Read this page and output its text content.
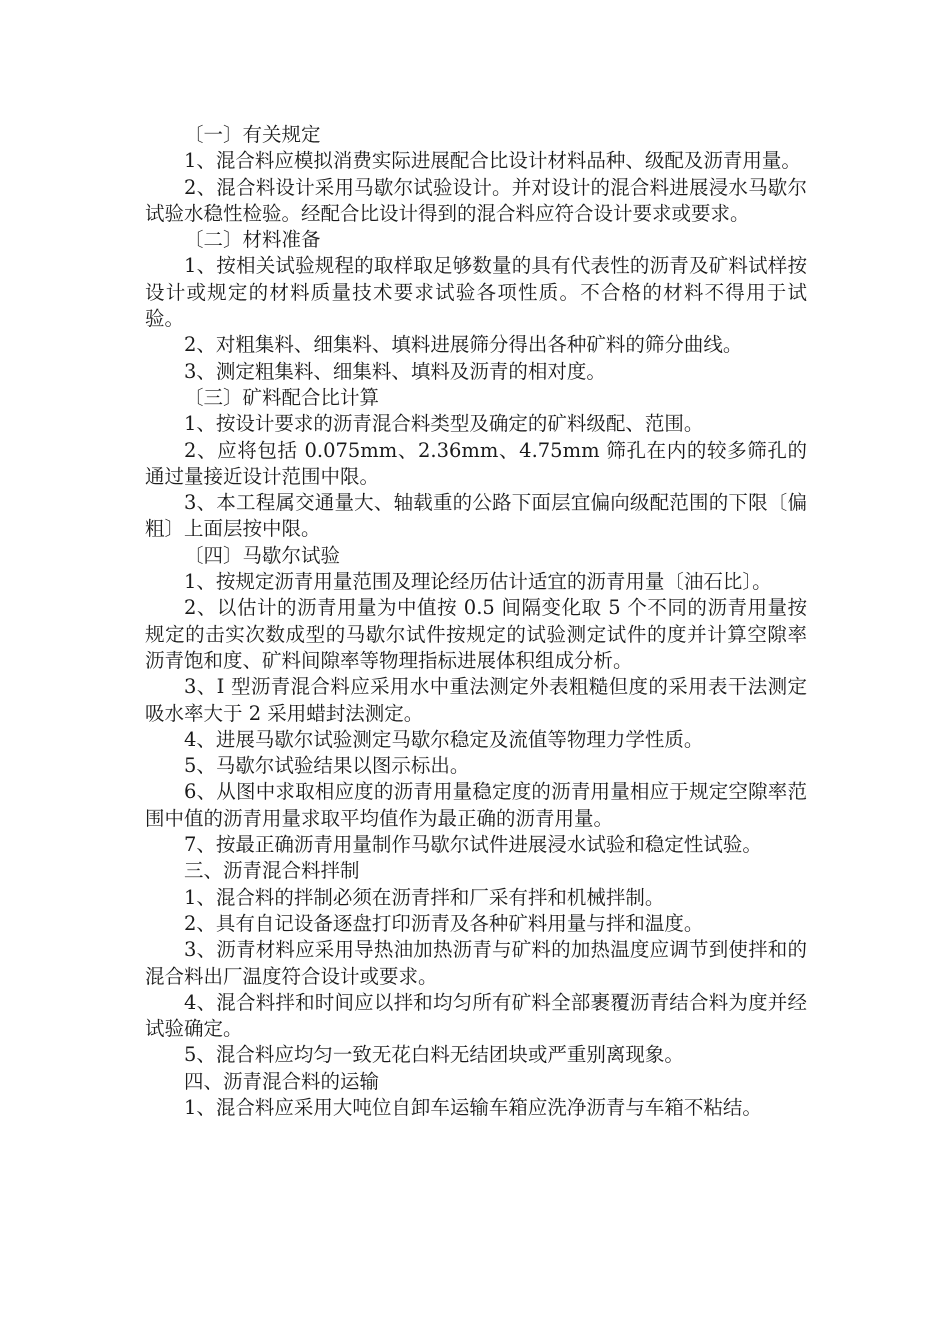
〔一〕有关规定

1、混合料应模拟消费实际进展配合比设计材料品种、级配及沥青用量。

2、混合料设计采用马歇尔试验设计。并对设计的混合料进展浸水马歇尔试验水稳性检验。经配合比设计得到的混合料应符合设计要求或要求。

〔二〕材料准备

1、按相关试验规程的取样取足够数量的具有代表性的沥青及矿料试样按设计或规定的材料质量技术要求试验各项性质。不合格的材料不得用于试验。

2、对粗集料、细集料、填料进展筛分得出各种矿料的筛分曲线。

3、测定粗集料、细集料、填料及沥青的相对度。

〔三〕矿料配合比计算

1、按设计要求的沥青混合料类型及确定的矿料级配、范围。

2、应将包括 0.075mm、2.36mm、4.75mm 筛孔在内的较多筛孔的通过量接近设计范围中限。

3、本工程属交通量大、轴载重的公路下面层宜偏向级配范围的下限〔偏粗〕上面层按中限。

〔四〕马歇尔试验

1、按规定沥青用量范围及理论经历估计适宜的沥青用量〔油石比〕。

2、以估计的沥青用量为中值按 0.5 间隔变化取 5 个不同的沥青用量按规定的击实次数成型的马歇尔试件按规定的试验测定试件的度并计算空隙率沥青饱和度、矿料间隙率等物理指标进展体积组成分析。

3、I 型沥青混合料应采用水中重法测定外表粗糙但度的采用表干法测定吸水率大于 2 采用蜡封法测定。

4、进展马歇尔试验测定马歇尔稳定及流值等物理力学性质。

5、马歇尔试验结果以图示标出。

6、从图中求取相应度的沥青用量稳定度的沥青用量相应于规定空隙率范围中值的沥青用量求取平均值作为最正确的沥青用量。

7、按最正确沥青用量制作马歇尔试件进展浸水试验和稳定性试验。

三、沥青混合料拌制

1、混合料的拌制必须在沥青拌和厂采有拌和机械拌制。

2、具有自记设备逐盘打印沥青及各种矿料用量与拌和温度。

3、沥青材料应采用导热油加热沥青与矿料的加热温度应调节到使拌和的混合料出厂温度符合设计或要求。

4、混合料拌和时间应以拌和均匀所有矿料全部裹覆沥青结合料为度并经试验确定。

5、混合料应均匀一致无花白料无结团块或严重别离现象。

四、沥青混合料的运输

1、混合料应采用大吨位自卸车运输车箱应洗净沥青与车箱不粘结。
